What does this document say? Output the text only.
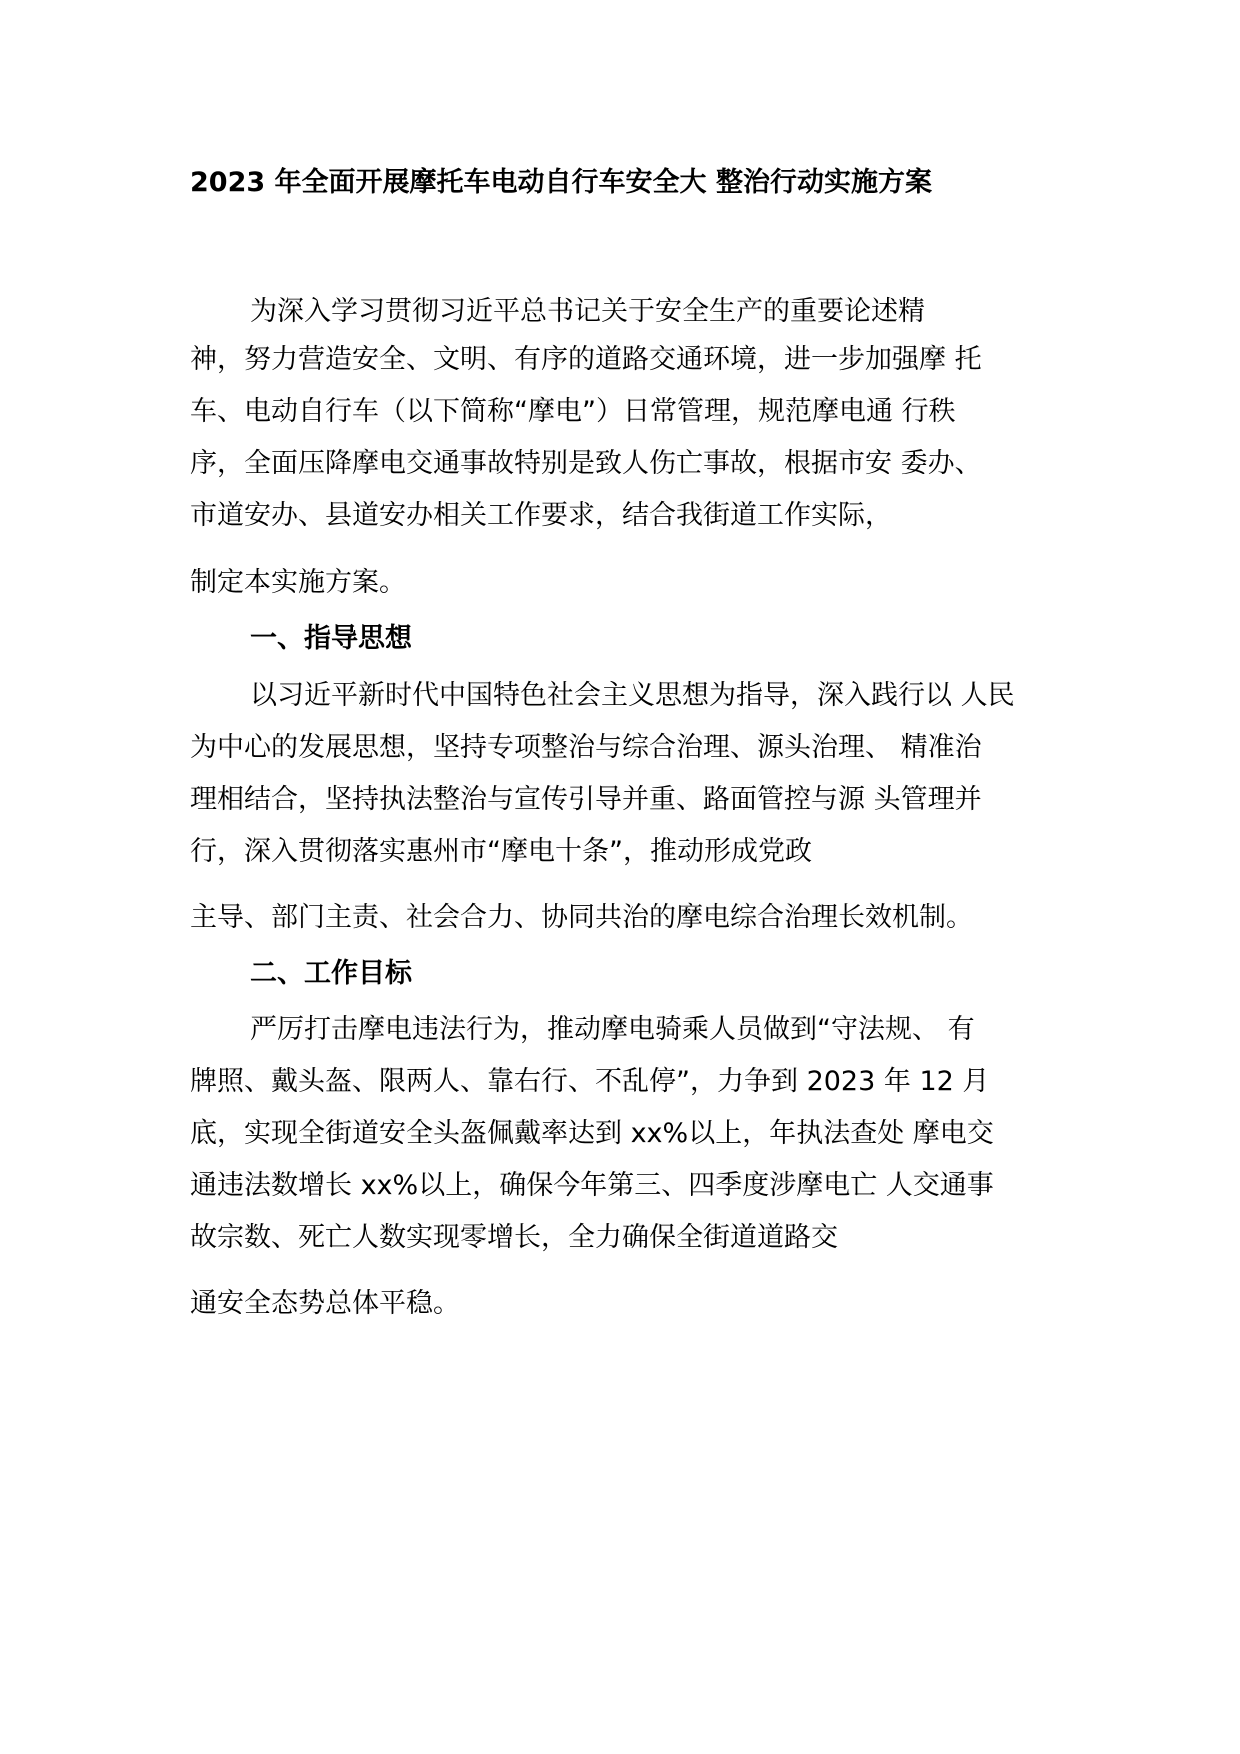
2023 年全面开展摩托车电动自行车安全大 整治行动实施方案
为深入学习贯彻习近平总书记关于安全生产的重要论述精
神，努力营造安全、文明、有序的道路交通环境，进一步加强摩 托
车、电动自行车（以下简称“摩电”）日常管理，规范摩电通 行秩
序，全面压降摩电交通事故特别是致人伤亡事故，根据市安 委办、
市道安办、县道安办相关工作要求，结合我街道工作实际，
制定本实施方案。
一、指导思想
以习近平新时代中国特色社会主义思想为指导，深入践行以 人民
为中心的发展思想，坚持专项整治与综合治理、源头治理、 精准治
理相结合，坚持执法整治与宣传引导并重、路面管控与源 头管理并
行，深入贯彻落实惠州市“摩电十条”，推动形成党政
主导、部门主责、社会合力、协同共治的摩电综合治理长效机制。
二、工作目标
严厉打击摩电违法行为，推动摩电骑乘人员做到“守法规、 有
牌照、戴头盔、限两人、靠右行、不乱停”，力争到 2023 年 12 月
底，实现全街道安全头盔佩戴率达到 xx%以上，年执法查处 摩电交
通违法数增长 xx%以上，确保今年第三、四季度涉摩电亡 人交通事
故宗数、死亡人数实现零增长，全力确保全街道道路交
通安全态势总体平稳。
